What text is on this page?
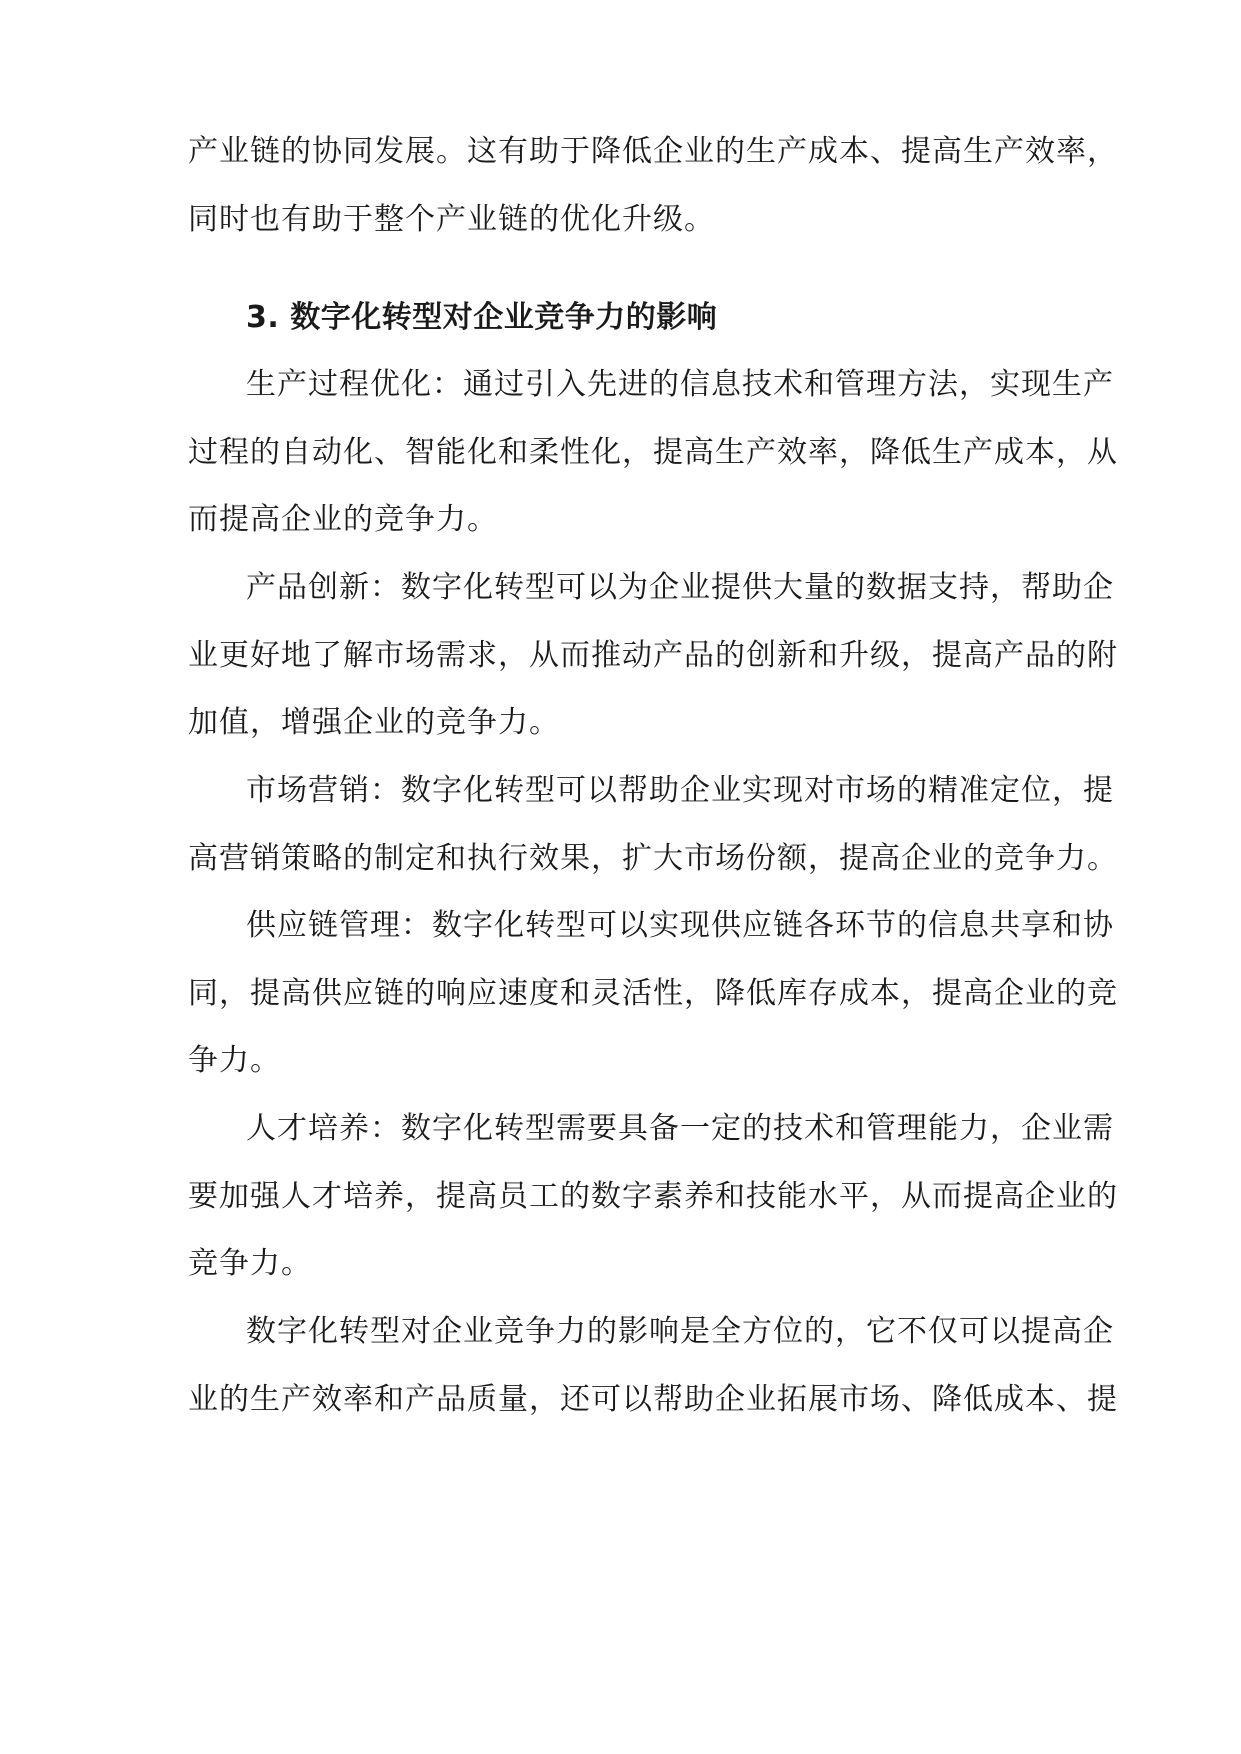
产业链的协同发展。这有助于降低企业的生产成本、提高生产效率，
同时也有助于整个产业链的优化升级。
3. 数字化转型对企业竞争力的影响
生产过程优化：通过引入先进的信息技术和管理方法，实现生产
过程的自动化、智能化和柔性化，提高生产效率，降低生产成本，从
而提高企业的竞争力。
产品创新：数字化转型可以为企业提供大量的数据支持，帮助企
业更好地了解市场需求，从而推动产品的创新和升级，提高产品的附
加值，增强企业的竞争力。
市场营销：数字化转型可以帮助企业实现对市场的精准定位，提
高营销策略的制定和执行效果，扩大市场份额，提高企业的竞争力。
供应链管理：数字化转型可以实现供应链各环节的信息共享和协
同，提高供应链的响应速度和灵活性，降低库存成本，提高企业的竞
争力。
人才培养：数字化转型需要具备一定的技术和管理能力，企业需
要加强人才培养，提高员工的数字素养和技能水平，从而提高企业的
竞争力。
数字化转型对企业竞争力的影响是全方位的，它不仅可以提高企
业的生产效率和产品质量，还可以帮助企业拓展市场、降低成本、提
